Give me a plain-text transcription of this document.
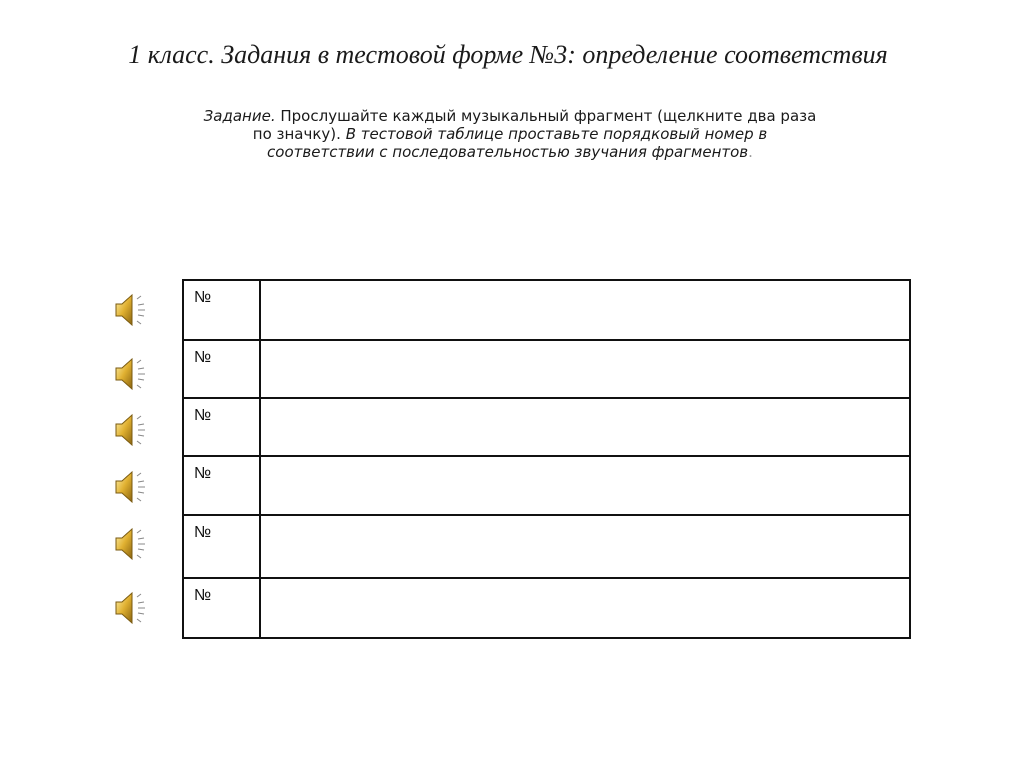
1 класс. Задания в тестовой форме №3: определение соответствия
Задание. Прослушайте каждый музыкальный фрагмент (щелкните два раза
по значку). В тестовой таблице проставьте порядковый номер в
соответствии с последовательностью звучания фрагментов.
№
№
№
№
№
№
